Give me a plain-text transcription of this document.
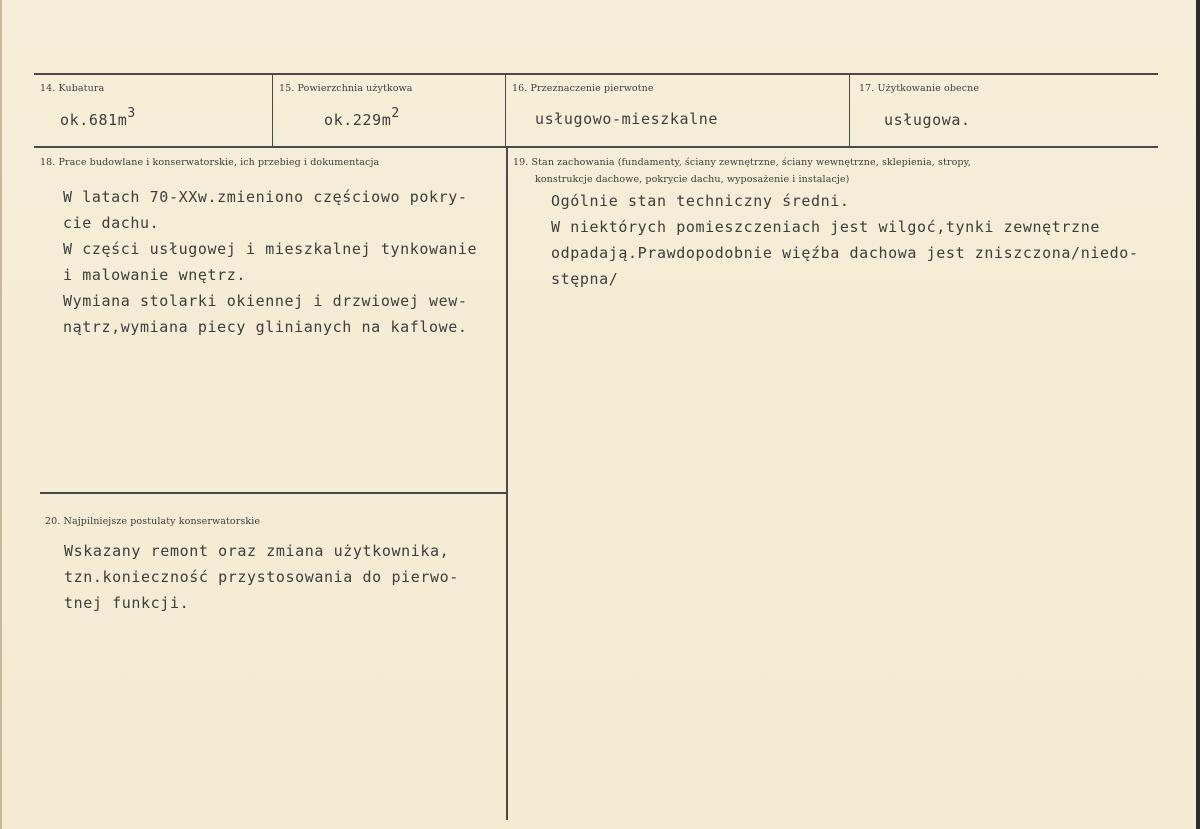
14. Kubatura
$ok.681m^3$
15. Powierzchnia użytkowa
$ok.229m^2$
16. Przeznaczenie pierwotne
usługowo-mieszkalne
17. Użytkowanie obecne
usługowa.
18. Prace budowlane i konserwatorskie, ich przebieg i dokumentacja
W latach 70-XXw.zmieniono częściowo pokry-
cie dachu.
W części usługowej i mieszkalnej tynkowanie
i malowanie wnętrz.
Wymiana stolarki okiennej i drzwiowej wew-
nątrz,wymiana piecy glinianych na kaflowe.
19. Stan zachowania (fundamenty, ściany zewnętrzne, ściany wewnętrzne, sklepienia, stropy,
konstrukcje dachowe, pokrycie dachu, wyposażenie i instalacje)
Ogólnie stan techniczny średni.
W niektórych pomieszczeniach jest wilgoć,tynki zewnętrzne
odpadają.Prawdopodobnie więźba dachowa jest zniszczona/niedo-
stępna/
20. Najpilniejsze postulaty konserwatorskie
Wskazany remont oraz zmiana użytkownika,
tzn.konieczność przystosowania do pierwo-
tnej funkcji.
